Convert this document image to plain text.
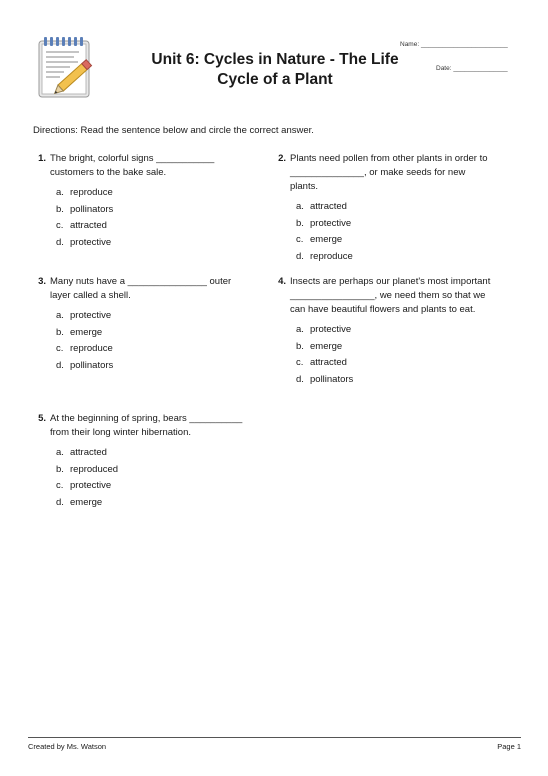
Unit 6: Cycles in Nature - The Life Cycle of a Plant
Name: ________________________
Date: _______________
Directions: Read the sentence below and circle the correct answer.
1. The bright, colorful signs ___________ customers to the bake sale.
a. reproduce
b. pollinators
c. attracted
d. protective
2. Plants need pollen from other plants in order to ______________, or make seeds for new plants.
a. attracted
b. protective
c. emerge
d. reproduce
3. Many nuts have a _______________ outer layer called a shell.
a. protective
b. emerge
c. reproduce
d. pollinators
4. Insects are perhaps our planet's most important ________________, we need them so that we can have beautiful flowers and plants to eat.
a. protective
b. emerge
c. attracted
d. pollinators
5. At the beginning of spring, bears __________ from their long winter hibernation.
a. attracted
b. reproduced
c. protective
d. emerge
Created by Ms. Watson	Page 1
